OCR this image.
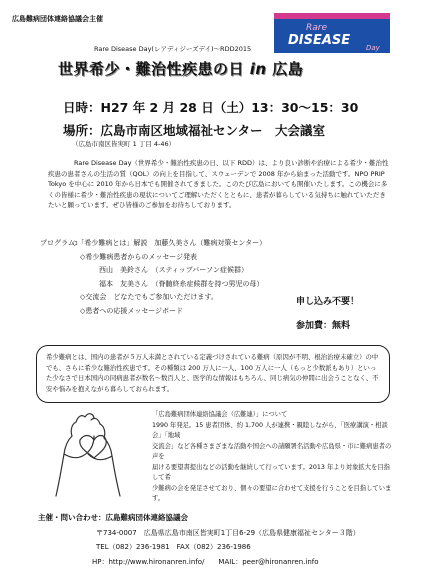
広島難病団体連絡協議会主催
Rare
DISEASE Day
Rare Disease Day(レアディジーズデイ)～RDD2015
世界希少・難治性疾患の日 in 広島
日時：H27 年 2 月 28 日（土）13：30～15：30
場所：広島市南区地域福祉センター　大会議室
（広島市南区皆実町 1 丁目 4-46）

Rare Disease Day（世界希少・難治性疾患の日、以下 RDD）は、より良い診断や治療による希少・難治性疾患の患者さんの生活の質（QOL）の向上を目指して、スウェーデンで 2008 年から始まった活動です。NPO PRIP Tokyo を中心に 2010 年から日本でも開催されてきました。このたび広島においても開催いたします。この機会に多くの皆様に希少・難治性疾患の現状についてご理解いただくとともに、患者が暮らしている気持ちに触れていただきたいと願っています。ぜひ皆様のご参加をお待ちしております。

プログラム：
◇「希少難病とは」解説　加藤久美さん（難病対策センター）
◇希少難病患者からのメッセージ発表
　西山　美鈴さん　（スティッブバーソン症候群）
　福本　友美さん　（脊髄終糸症候群を持つ男児の母）
◇交流会　どなたでもご参加いただけます。
◇患者への応援メッセージボード
申し込み不要！
参加費：無料
希少難病とは、国内の患者が５万人未満とされている定義づけされている難病（原因が不明、根治治療未確立）の中でも、さらに希少な難治性疾患です。その種類は 200 万人に一人、100 万人に一人（もっと少数派もあり）といった少なさで日本国内の同病患者が数名～数百人と、医学的な情報はもちろん、同じ病気の仲間に出会うことなく、不安や悩みを抱えながら暮らしておられます。
「広島難病団体連絡協議会（広難連）」について
1990 年発足。15 患者団体、約 1,700 人が連携・親睦しながら、「医療講演・相談会」「地域
交流会」など各種さまざまな活動や国会への請願署名活動や広島県・市に難病患者の声を
届ける要望書提出などの活動を継続して行っています。2013 年より対象拡大を目指して希
少難病の会を発足させており、個々の要望に合わせて支援を行うことを目指しています。
主催・問い合わせ：広島難病団体連絡協議会
〒734-0007　広島県広島市南区皆実町1丁目6-29（広島県健康福祉センター３階）
TEL（082）236-1981　FAX（082）236-1986
HP：http://www.hironanren.info/　　MAIL：peer@hironanren.info
